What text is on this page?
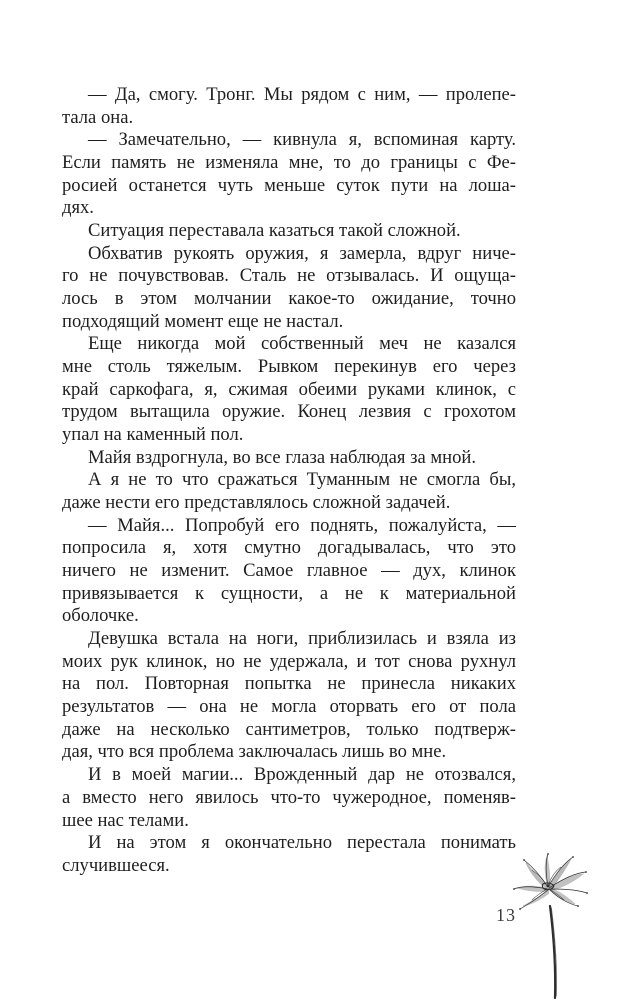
— Да, смогу. Тронг. Мы рядом с ним, — пролепе-
тала она.
— Замечательно, — кивнула я, вспоминая карту.
Если память не изменяла мне, то до границы с Фе-
росией останется чуть меньше суток пути на лоша-
дях.
Ситуация переставала казаться такой сложной.
Обхватив рукоять оружия, я замерла, вдруг ниче-
го не почувствовав. Сталь не отзывалась. И ощуща-
лось в этом молчании какое-то ожидание, точно
подходящий момент еще не настал.
Еще никогда мой собственный меч не казался
мне столь тяжелым. Рывком перекинув его через
край саркофага, я, сжимая обеими руками клинок, с
трудом вытащила оружие. Конец лезвия с грохотом
упал на каменный пол.
Майя вздрогнула, во все глаза наблюдая за мной.
А я не то что сражаться Туманным не смогла бы,
даже нести его представлялось сложной задачей.
— Майя... Попробуй его поднять, пожалуйста, —
попросила я, хотя смутно догадывалась, что это
ничего не изменит. Самое главное — дух, клинок
привязывается к сущности, а не к материальной
оболочке.
Девушка встала на ноги, приблизилась и взяла из
моих рук клинок, но не удержала, и тот снова рухнул
на пол. Повторная попытка не принесла никаких
результатов — она не могла оторвать его от пола
даже на несколько сантиметров, только подтверж-
дая, что вся проблема заключалась лишь во мне.
И в моей магии... Врожденный дар не отозвался,
а вместо него явилось что-то чужеродное, поменяв-
шее нас телами.
И на этом я окончательно перестала понимать
случившееся.
13
